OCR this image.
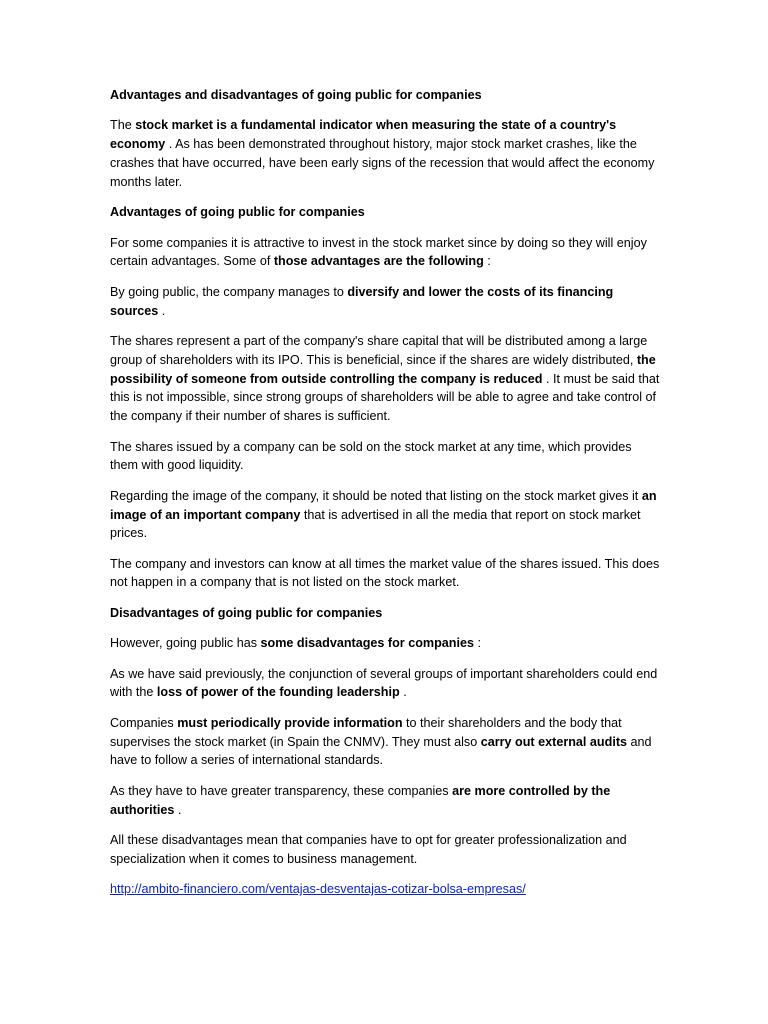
Advantages and disadvantages of going public for companies

The stock market is a fundamental indicator when measuring the state of a country's economy . As has been demonstrated throughout history, major stock market crashes, like the crashes that have occurred, have been early signs of the recession that would affect the economy months later.

Advantages of going public for companies

For some companies it is attractive to invest in the stock market since by doing so they will enjoy certain advantages. Some of those advantages are the following :

By going public, the company manages to diversify and lower the costs of its financing sources .

The shares represent a part of the company's share capital that will be distributed among a large group of shareholders with its IPO. This is beneficial, since if the shares are widely distributed, the possibility of someone from outside controlling the company is reduced . It must be said that this is not impossible, since strong groups of shareholders will be able to agree and take control of the company if their number of shares is sufficient.

The shares issued by a company can be sold on the stock market at any time, which provides them with good liquidity.

Regarding the image of the company, it should be noted that listing on the stock market gives it an image of an important company that is advertised in all the media that report on stock market prices.

The company and investors can know at all times the market value of the shares issued. This does not happen in a company that is not listed on the stock market.

Disadvantages of going public for companies

However, going public has some disadvantages for companies :

As we have said previously, the conjunction of several groups of important shareholders could end with the loss of power of the founding leadership .

Companies must periodically provide information to their shareholders and the body that supervises the stock market (in Spain the CNMV). They must also carry out external audits and have to follow a series of international standards.

As they have to have greater transparency, these companies are more controlled by the authorities .

All these disadvantages mean that companies have to opt for greater professionalization and specialization when it comes to business management.

http://ambito-financiero.com/ventajas-desventajas-cotizar-bolsa-empresas/
